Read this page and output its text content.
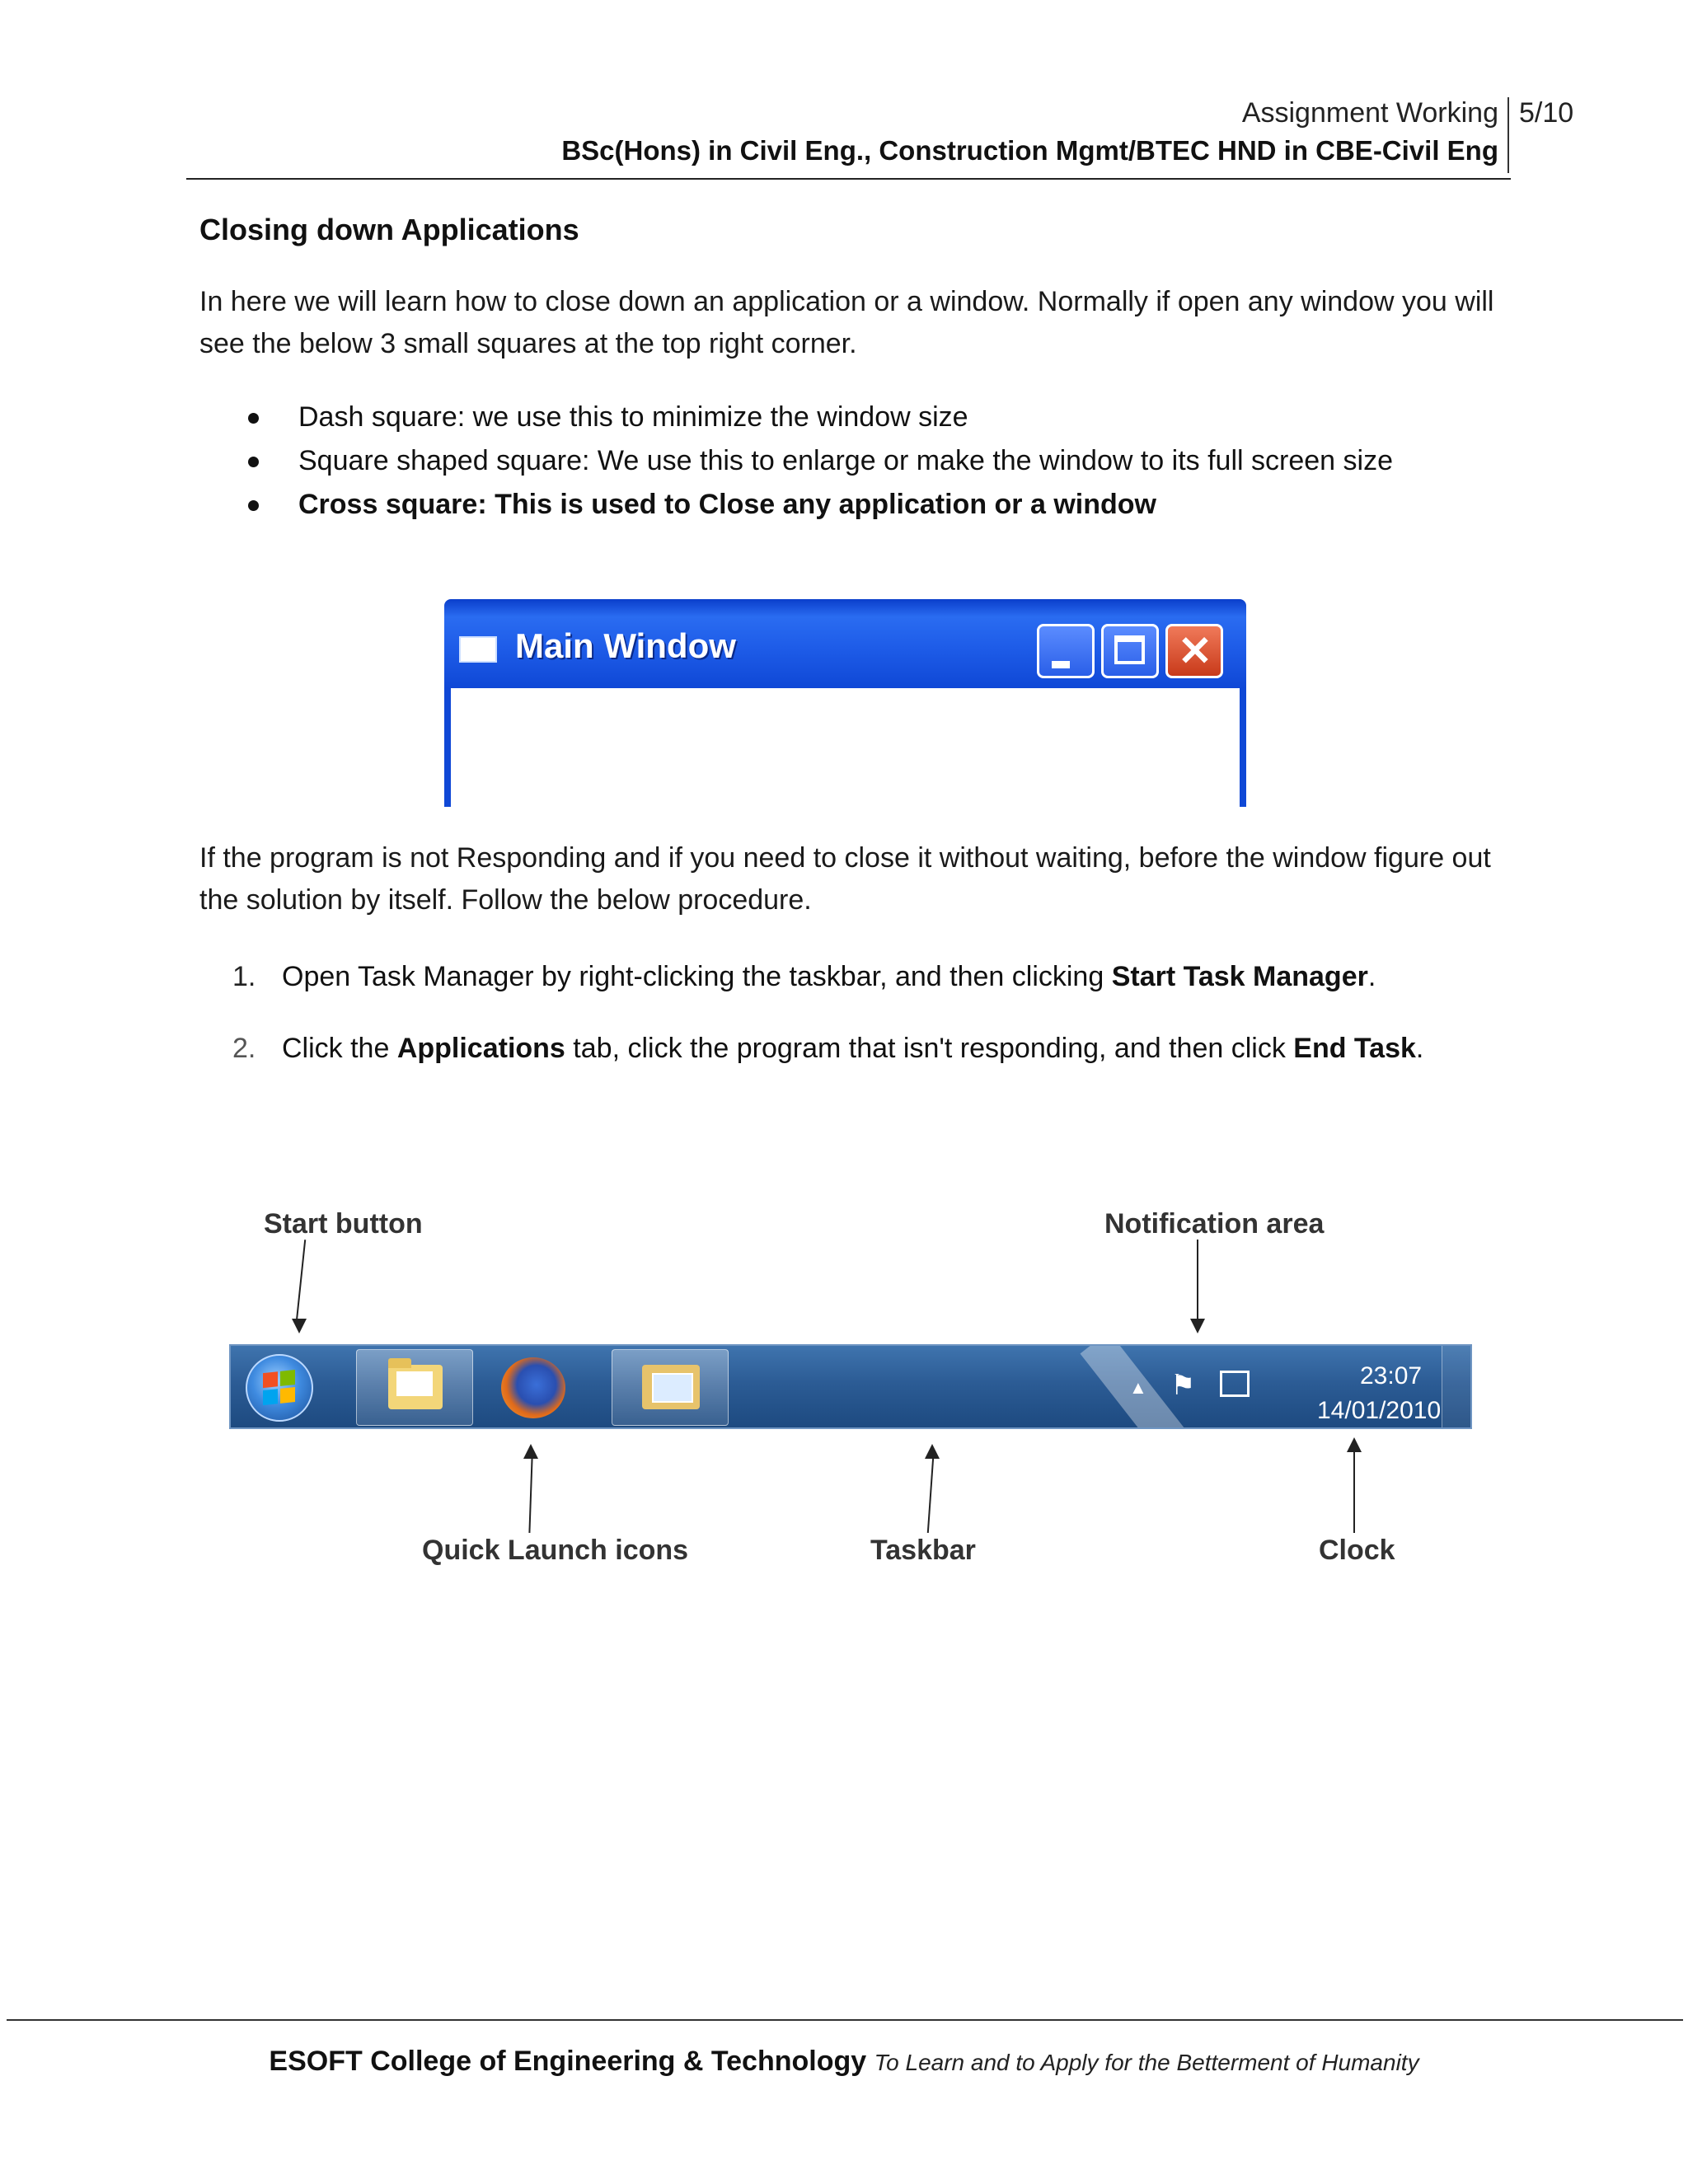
Assignment Working 5/10
BSc(Hons) in Civil Eng., Construction Mgmt/BTEC HND in CBE-Civil Eng
Closing down Applications
In here we will learn how to close down an application or a window. Normally if open any window you will see the below 3 small squares at the top right corner.
Dash square: we use this to minimize the window size
Square shaped square: We use this to enlarge or make the window to its full screen size
Cross square: This is used to Close any application or a window
Main Window	✕
If the program is not Responding and if you need to close it without waiting, before the window figure out the solution by itself. Follow the below procedure.
1. Open Task Manager by right-clicking the taskbar, and then clicking Start Task Manager.
2. Click the Applications tab, click the program that isn't responding, and then click End Task.
Start button	Notification area
▲ ⚑	23:07
14/01/2010
Quick Launch icons	Taskbar	Clock
ESOFT College of Engineering & Technology To Learn and to Apply for the Betterment of Humanity
